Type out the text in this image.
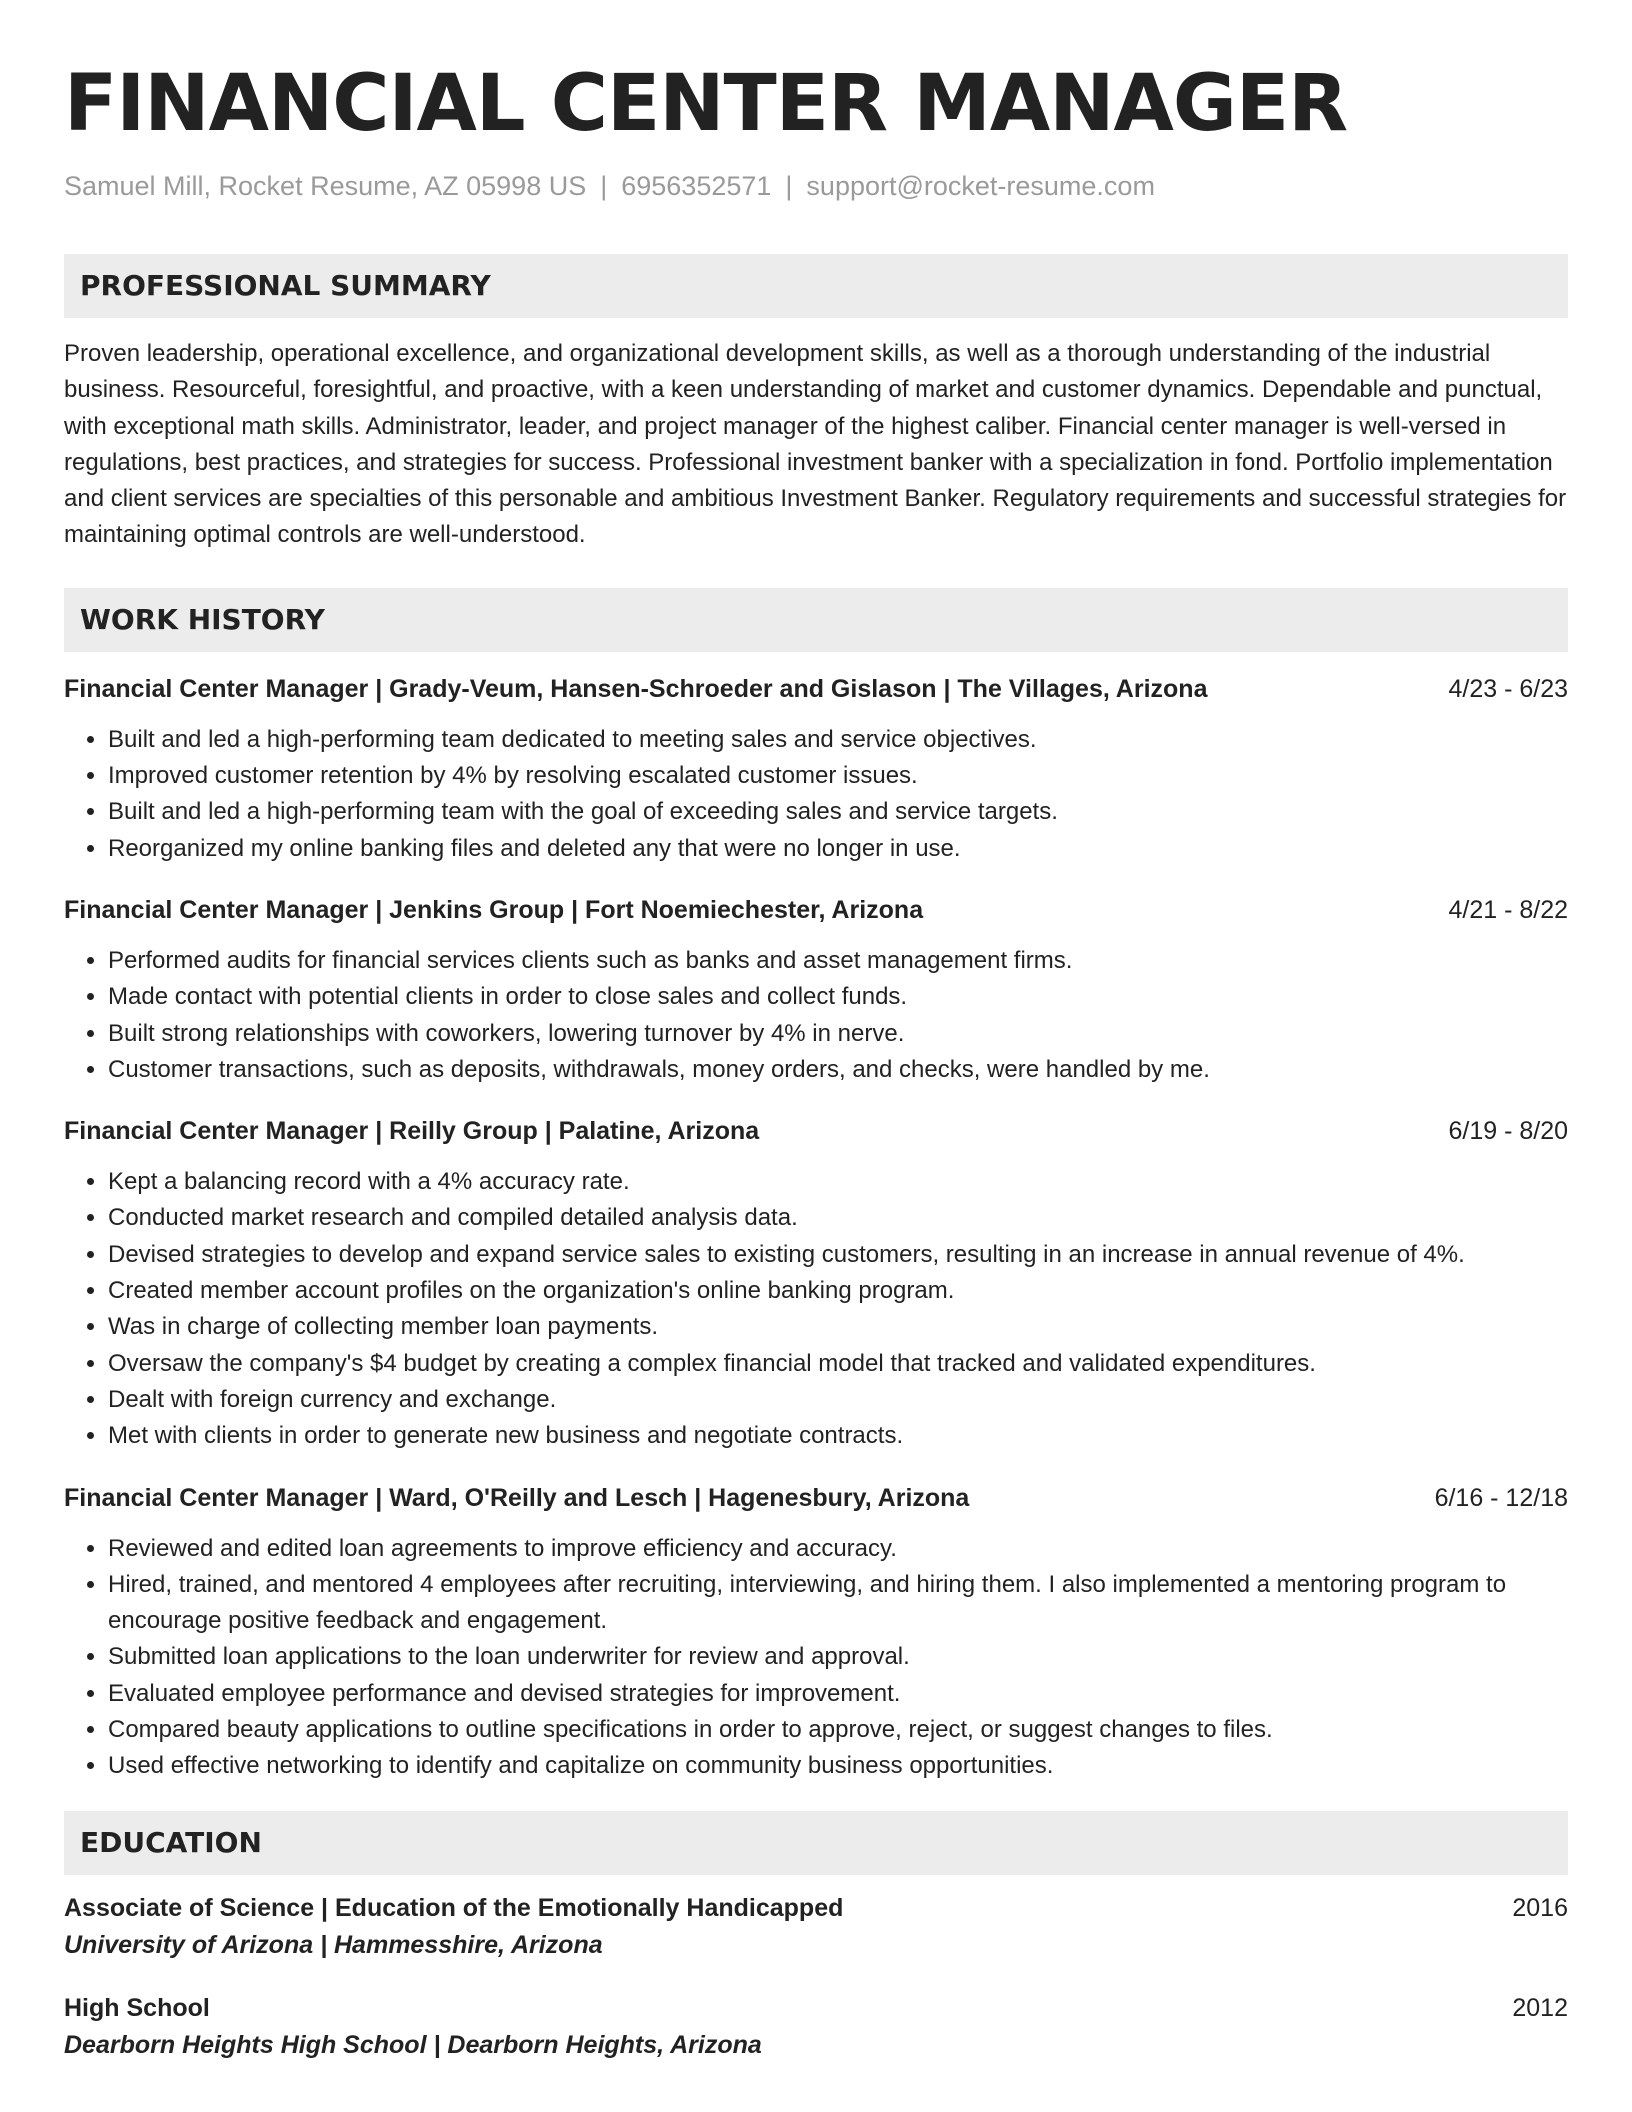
FINANCIAL CENTER MANAGER
Samuel Mill, Rocket Resume, AZ 05998 US | 6956352571 | support@rocket-resume.com
PROFESSIONAL SUMMARY
Proven leadership, operational excellence, and organizational development skills, as well as a thorough understanding of the industrial business. Resourceful, foresightful, and proactive, with a keen understanding of market and customer dynamics. Dependable and punctual, with exceptional math skills. Administrator, leader, and project manager of the highest caliber. Financial center manager is well-versed in regulations, best practices, and strategies for success. Professional investment banker with a specialization in fond. Portfolio implementation and client services are specialties of this personable and ambitious Investment Banker. Regulatory requirements and successful strategies for maintaining optimal controls are well-understood.
WORK HISTORY
Financial Center Manager | Grady-Veum, Hansen-Schroeder and Gislason | The Villages, Arizona	4/23 - 6/23
• Built and led a high-performing team dedicated to meeting sales and service objectives.
• Improved customer retention by 4% by resolving escalated customer issues.
• Built and led a high-performing team with the goal of exceeding sales and service targets.
• Reorganized my online banking files and deleted any that were no longer in use.
Financial Center Manager | Jenkins Group | Fort Noemiechester, Arizona	4/21 - 8/22
• Performed audits for financial services clients such as banks and asset management firms.
• Made contact with potential clients in order to close sales and collect funds.
• Built strong relationships with coworkers, lowering turnover by 4% in nerve.
• Customer transactions, such as deposits, withdrawals, money orders, and checks, were handled by me.
Financial Center Manager | Reilly Group | Palatine, Arizona	6/19 - 8/20
• Kept a balancing record with a 4% accuracy rate.
• Conducted market research and compiled detailed analysis data.
• Devised strategies to develop and expand service sales to existing customers, resulting in an increase in annual revenue of 4%.
• Created member account profiles on the organization's online banking program.
• Was in charge of collecting member loan payments.
• Oversaw the company's $4 budget by creating a complex financial model that tracked and validated expenditures.
• Dealt with foreign currency and exchange.
• Met with clients in order to generate new business and negotiate contracts.
Financial Center Manager | Ward, O'Reilly and Lesch | Hagenesbury, Arizona	6/16 - 12/18
• Reviewed and edited loan agreements to improve efficiency and accuracy.
• Hired, trained, and mentored 4 employees after recruiting, interviewing, and hiring them. I also implemented a mentoring program to encourage positive feedback and engagement.
• Submitted loan applications to the loan underwriter for review and approval.
• Evaluated employee performance and devised strategies for improvement.
• Compared beauty applications to outline specifications in order to approve, reject, or suggest changes to files.
• Used effective networking to identify and capitalize on community business opportunities.
EDUCATION
Associate of Science | Education of the Emotionally Handicapped	2016
University of Arizona | Hammesshire, Arizona
High School	2012
Dearborn Heights High School | Dearborn Heights, Arizona
